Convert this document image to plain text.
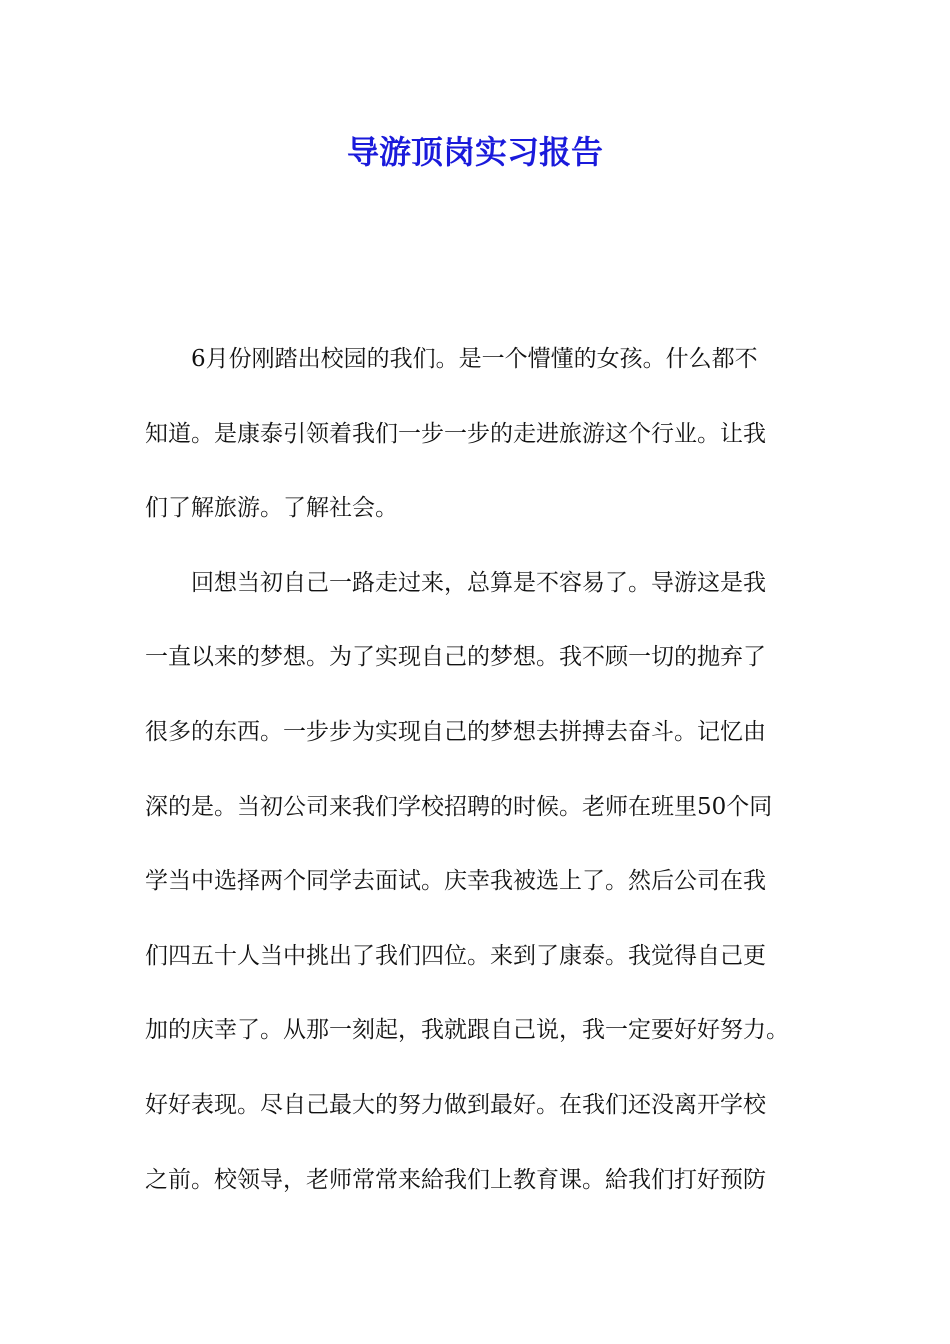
导游顶岗实习报告
6月份刚踏出校园的我们。是一个懵懂的女孩。什么都不
知道。是康泰引领着我们一步一步的走进旅游这个行业。让我
们了解旅游。了解社会。
回想当初自己一路走过来，总算是不容易了。导游这是我
一直以来的梦想。为了实现自己的梦想。我不顾一切的抛弃了
很多的东西。一步步为实现自己的梦想去拼搏去奋斗。记忆由
深的是。当初公司来我们学校招聘的时候。老师在班里50个同
学当中选择两个同学去面试。庆幸我被选上了。然后公司在我
们四五十人当中挑出了我们四位。来到了康泰。我觉得自己更
加的庆幸了。从那一刻起，我就跟自己说，我一定要好好努力。
好好表现。尽自己最大的努力做到最好。在我们还没离开学校
之前。校领导，老师常常来給我们上教育课。給我们打好预防
